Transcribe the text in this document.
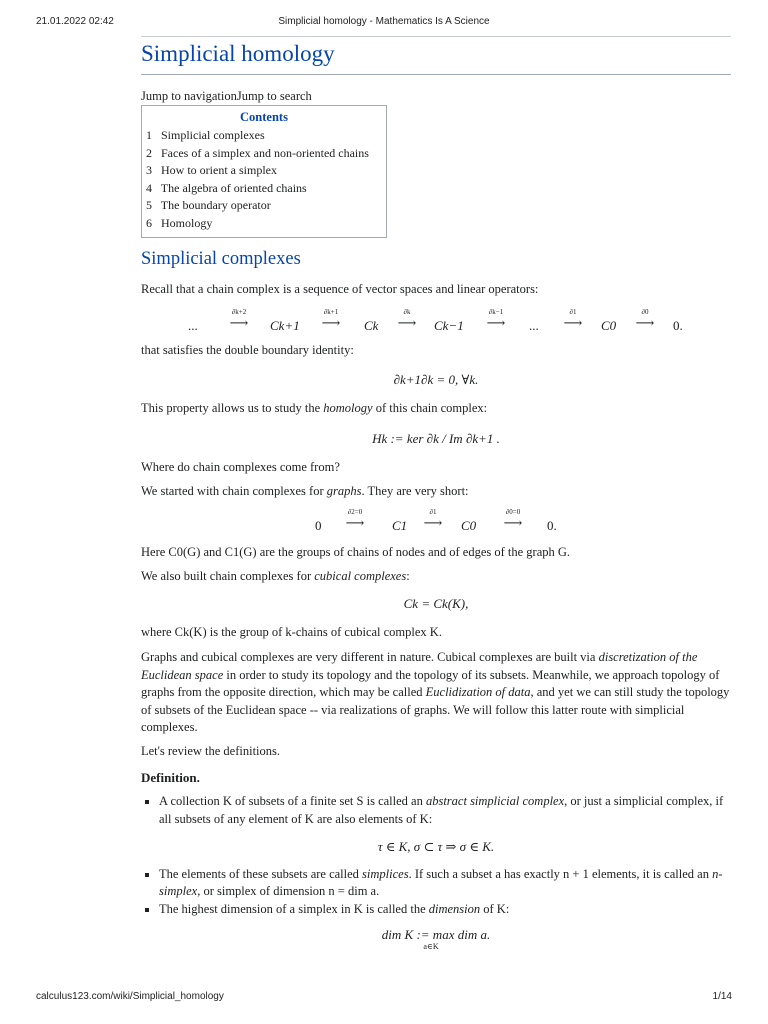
21.01.2022 02:42	Simplicial homology - Mathematics Is A Science
Simplicial homology
Jump to navigationJump to search
Contents
1 Simplicial complexes
2 Faces of a simplex and non-oriented chains
3 How to orient a simplex
4 The algebra of oriented chains
5 The boundary operator
6 Homology
Simplicial complexes

Recall that a chain complex is a sequence of vector spaces and linear operators:

...
∂k+2
⟶	Ck+1
∂k+1
⟶	Ck
∂k
⟶	Ck−1
∂k−1
⟶	...
∂1
⟶	C0
∂0
⟶	0.

that satisfies the double boundary identity:

∂k+1∂k = 0, ∀k.

This property allows us to study the homology of this chain complex:

Hk := ker ∂k / Im ∂k+1 .

Where do chain complexes come from?

We started with chain complexes for graphs. They are very short:

0
∂2=0
⟶	C1
∂1
⟶	C0
∂0=0
⟶	0.

Here C0(G) and C1(G) are the groups of chains of nodes and of edges of the graph G.

We also built chain complexes for cubical complexes:

Ck = Ck(K),

where Ck(K) is the group of k-chains of cubical complex K.

Graphs and cubical complexes are very different in nature. Cubical complexes are built via discretization of the Euclidean space in order to study its topology and the topology of its subsets. Meanwhile, we approach topology of graphs from the opposite direction, which may be called Euclidization of data, and yet we can still study the topology of subsets of the Euclidean space -- via realizations of graphs. We will follow this latter route with simplicial complexes.

Let's review the definitions.

Definition.
▪ A collection K of subsets of a finite set S is called an abstract simplicial complex, or just a simplicial complex, if all subsets of any element of K are also elements of K:
τ ∈ K, σ ⊂ τ ⇒ σ ∈ K.
▪ The elements of these subsets are called simplices. If such a subset a has exactly n + 1 elements, it is called an n-simplex, or simplex of dimension n = dim a.
▪ The highest dimension of a simplex in K is called the dimension of K:
dim K := max dim a.
a∈K
calculus123.com/wiki/Simplicial_homology	1/14
